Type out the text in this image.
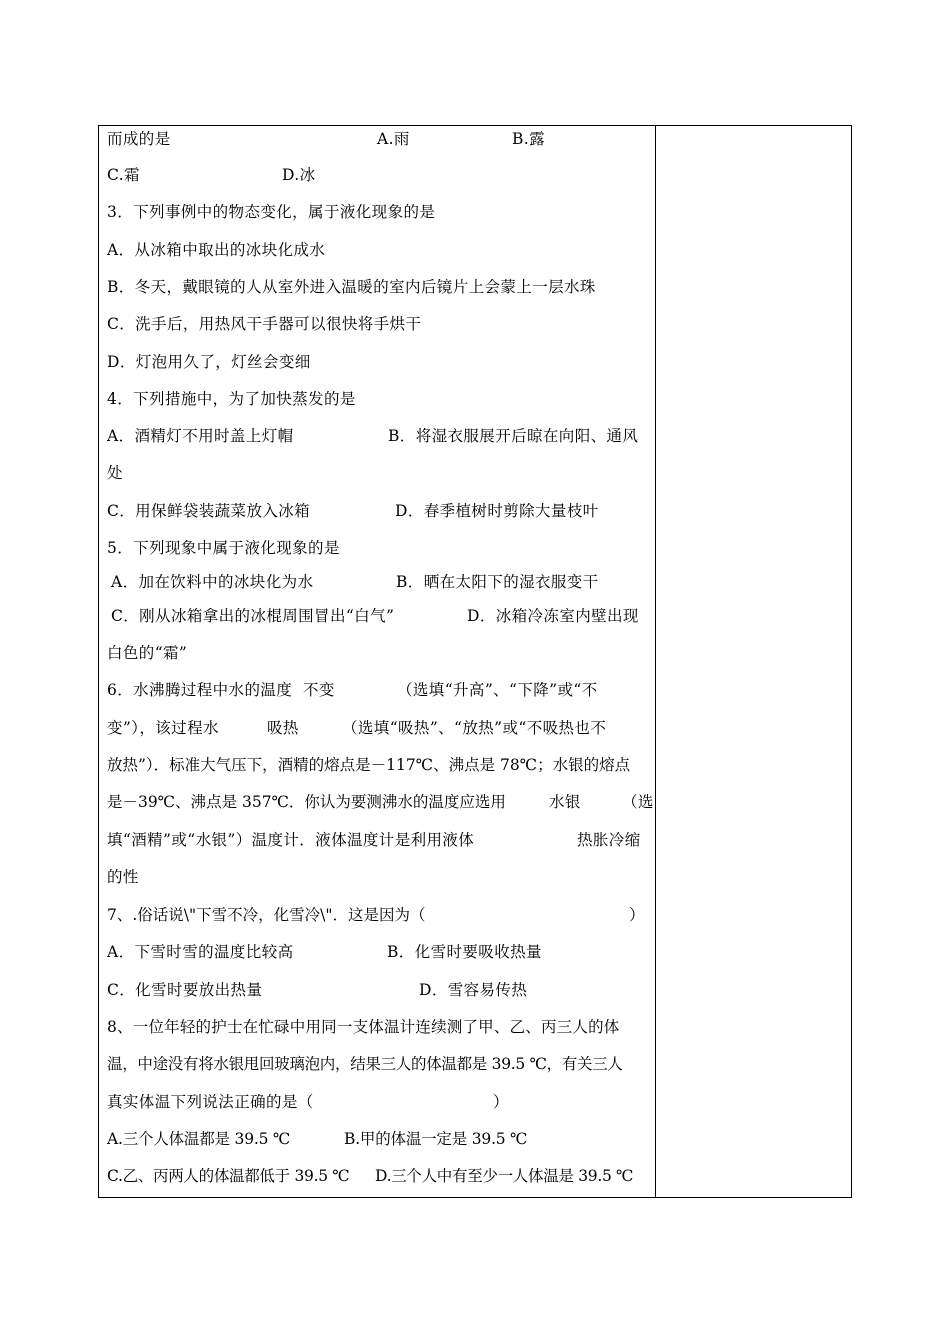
而成的是

	A.雨

	B.露

C.霜

	D.冰

3．下列事例中的物态变化，属于液化现象的是
A．从冰箱中取出的冰块化成水
B．冬天，戴眼镜的人从室外进入温暖的室内后镜片上会蒙上一层水珠
C．洗手后，用热风干手器可以很快将手烘干
D．灯泡用久了，灯丝会变细
4．下列措施中，为了加快蒸发的是

A．酒精灯不用时盖上灯帽

	B．将湿衣服展开后晾在向阳、通风

处

C．用保鲜袋装蔬菜放入冰箱

	D．春季植树时剪除大量枝叶

5．下列现象中属于液化现象的是

A．加在饮料中的冰块化为水

	B．晒在太阳下的湿衣服变干

C．刚从冰箱拿出的冰棍周围冒出“白气”

	D．冰箱冷冻室内壁出现

白色的“霜”

6．水沸腾过程中水的温度

不变

	（选填“升高”、“下降”或“不

变”），该过程水

	吸热

	（选填“吸热”、“放热”或“不吸热也不

放热”）．标准大气压下，酒精的熔点是－117℃、沸点是 78℃；水银的熔点

是－39℃、沸点是 357℃．你认为要测沸水的温度应选用

	水银

	（选

填“酒精”或“水银”）温度计．液体温度计是利用液体

	热胀冷缩

的性

7、.俗话说\"下雪不冷，化雪冷\"．这是因为（

	）

A．下雪时雪的温度比较高

	B．化雪时要吸收热量

C．化雪时要放出热量

	D．雪容易传热

8、一位年轻的护士在忙碌中用同一支体温计连续测了甲、乙、丙三人的体
温，中途没有将水银甩回玻璃泡内，结果三人的体温都是 39.5 ℃，有关三人

真实体温下列说法正确的是（

	）

A.三个人体温都是 39.5 ℃

	B.甲的体温一定是 39.5 ℃

C.乙、丙两人的体温都低于 39.5 ℃

D.三个人中有至少一人体温是 39.5 ℃
